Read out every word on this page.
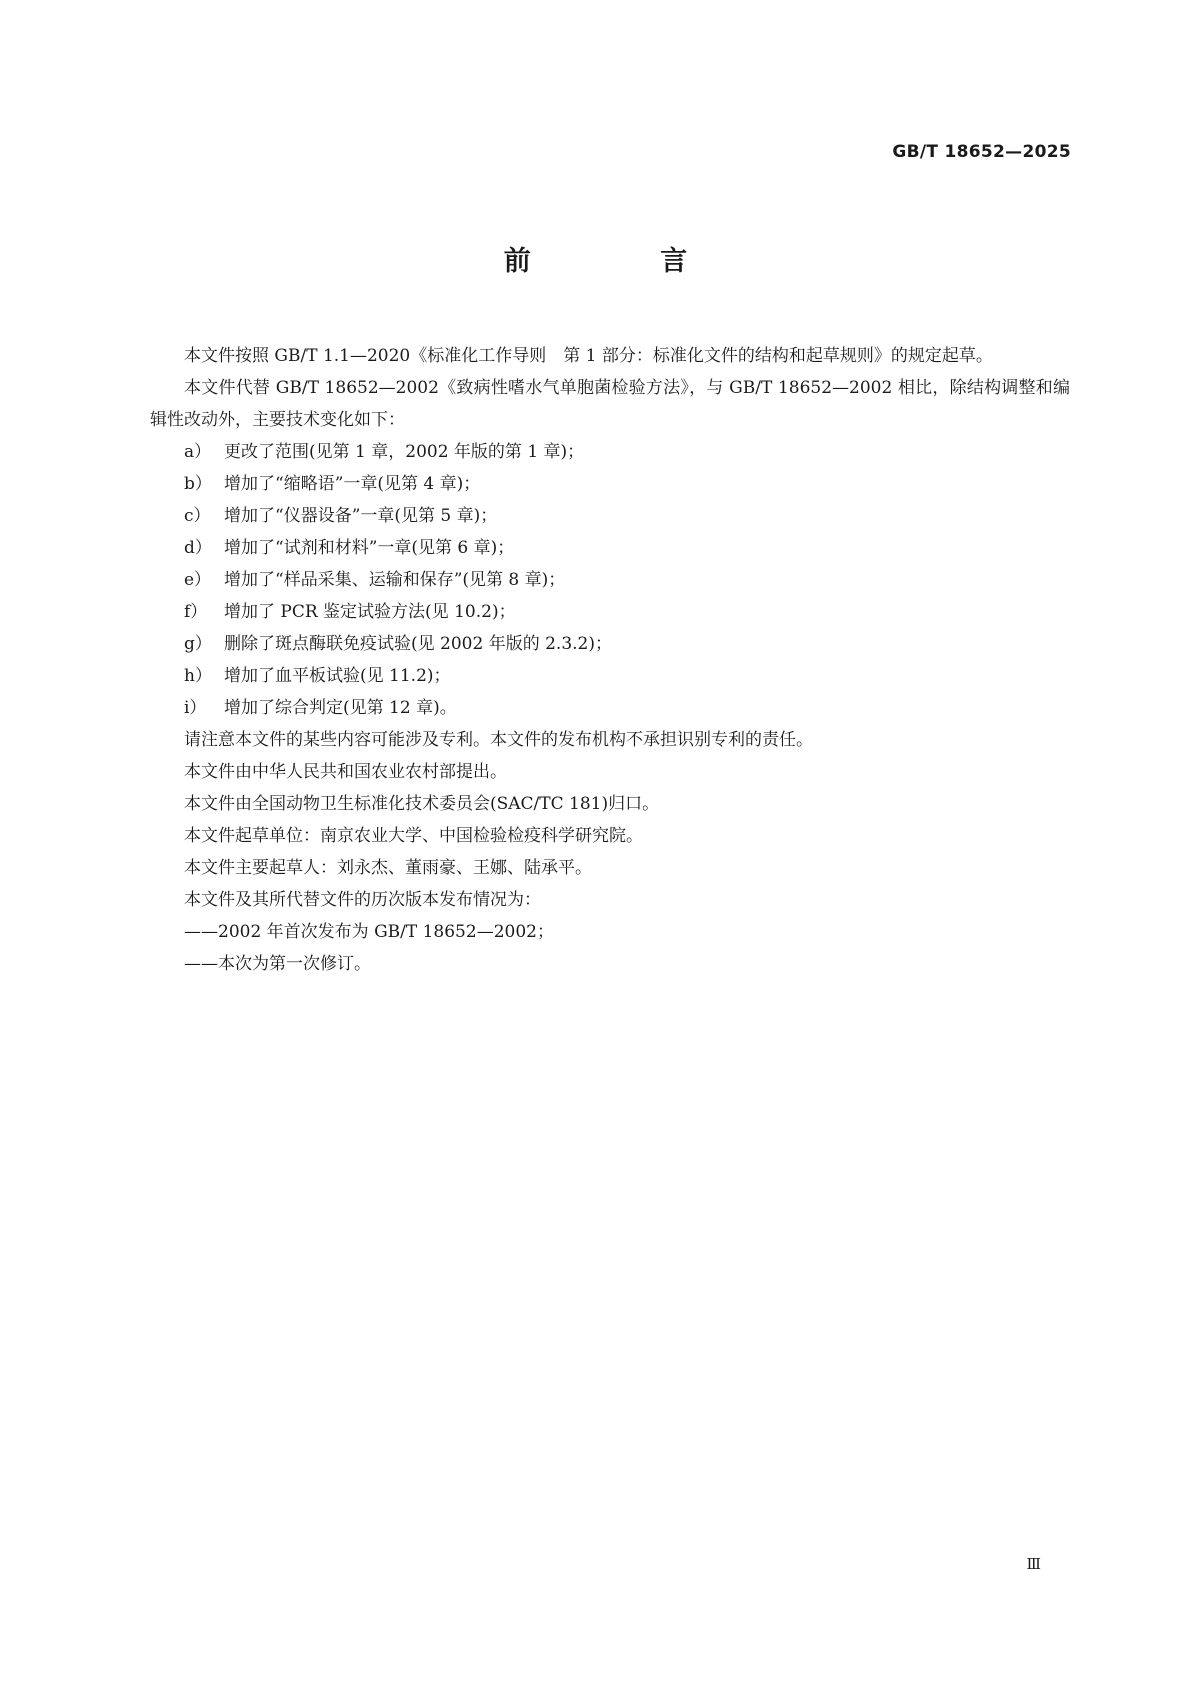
GB/T 18652—2025
前 言

本文件按照 GB/T 1.1—2020《标准化工作导则　第 1 部分：标准化文件的结构和起草规则》的规定起草。

本文件代替 GB/T 18652—2002《致病性嗜水气单胞菌检验方法》，与 GB/T 18652—2002 相比，除结构调整和编辑性改动外，主要技术变化如下：

a） 更改了范围(见第 1 章，2002 年版的第 1 章)；

b） 增加了“缩略语”一章(见第 4 章)；

c） 增加了“仪器设备”一章(见第 5 章)；

d） 增加了“试剂和材料”一章(见第 6 章)；

e） 增加了“样品采集、运输和保存”(见第 8 章)；

f） 增加了 PCR 鉴定试验方法(见 10.2)；

g） 删除了斑点酶联免疫试验(见 2002 年版的 2.3.2)；

h） 增加了血平板试验(见 11.2)；

i） 增加了综合判定(见第 12 章)。

请注意本文件的某些内容可能涉及专利。本文件的发布机构不承担识别专利的责任。

本文件由中华人民共和国农业农村部提出。

本文件由全国动物卫生标准化技术委员会(SAC/TC 181)归口。

本文件起草单位：南京农业大学、中国检验检疫科学研究院。

本文件主要起草人：刘永杰、董雨豪、王娜、陆承平。

本文件及其所代替文件的历次版本发布情况为：

——2002 年首次发布为 GB/T 18652—2002；

——本次为第一次修订。

Ⅲ
